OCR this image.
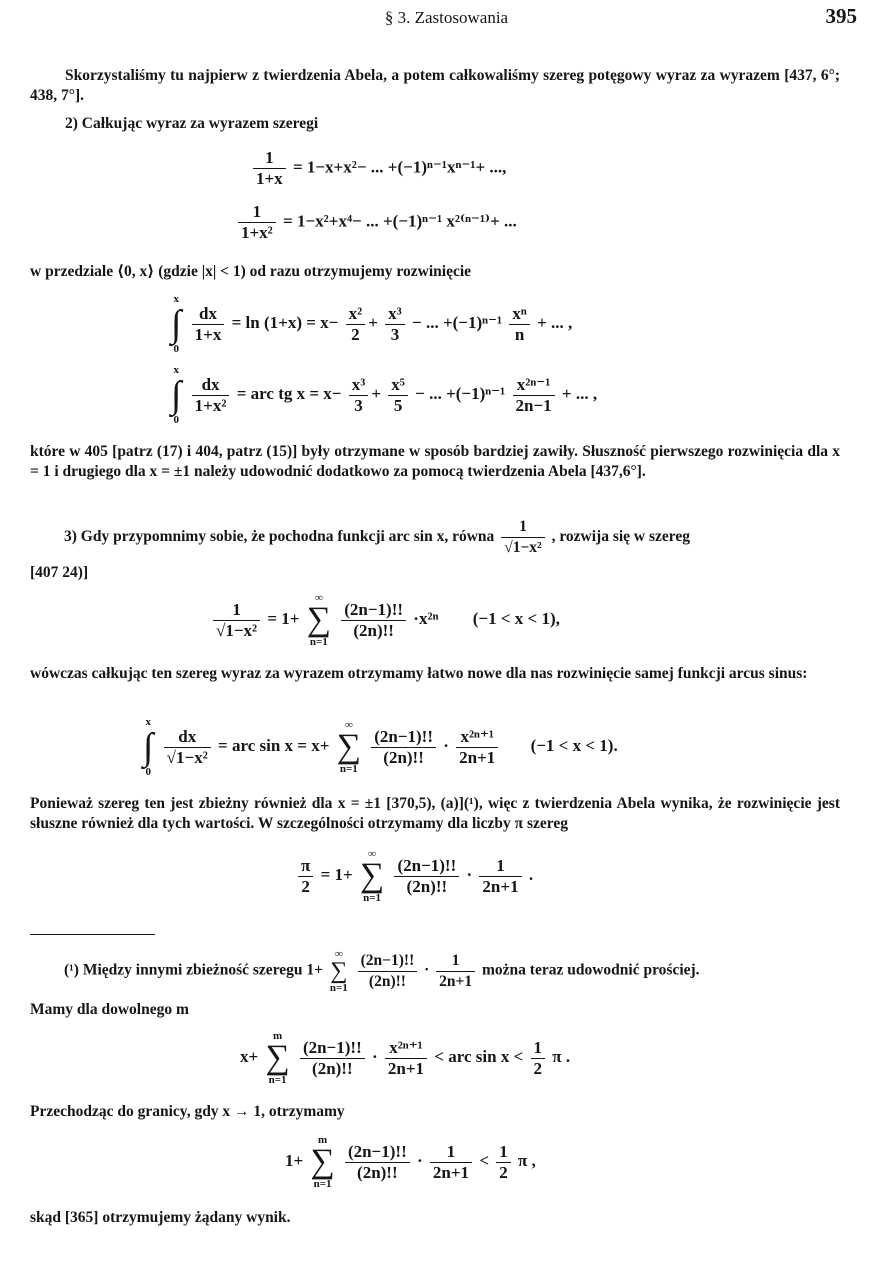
§ 3. Zastosowania	395
Skorzystaliśmy tu najpierw z twierdzenia Abela, a potem całkowaliśmy szereg potęgowy wyraz za wyrazem [437, 6°; 438, 7°].
2) Całkując wyraz za wyrazem szeregi
$\frac{1}{1+x} = 1-x+x^2-$ ... +(−1)ⁿ⁻¹xⁿ⁻¹+ ...,
$\frac{1}{\text{1+x²}} = 1-x^2+x^4-$ ... +(−1)ⁿ⁻¹ x²⁽ⁿ⁻¹⁾+ ...
w przedziale ⟨0, x⟩ (gdzie |x| < 1) od razu otrzymujemy rozwinięcie
x
∫
0

$\frac{dx}{1+x} = \ln (1+x) = x- \frac{\text{x²}}{2} + \frac{\text{x³}}{3}$ − ... $+(-1)^{n-1} \frac{\text{xⁿ}}{n}$ + ... ,
x
∫
0

$\frac{dx}{\text{1+x²}}$ = arc tg $x = x- \frac{\text{x³}}{3} + \frac{\text{x⁵}}{5}$ − ... $+(-1)^{n-1} \frac{\text{x²ⁿ⁻¹}}{2n-1}$ + ... ,
które w 405 [patrz (17) i 404, patrz (15)] były otrzymane w sposób bardziej zawiły. Słuszność pierwszego rozwinięcia dla x = 1 i drugiego dla x = ±1 należy udowodnić dodatkowo za pomocą twierdzenia Abela [437,6°].
3) Gdy przypomnimy sobie, że pochodna funkcji arc sin x, równa $\frac{1}{\text{√1−x²}}$ , rozwija się w szereg
[407 24)]
$\frac{1}{\text{√1−x²}} = 1+$
∞
∑
n=1

$\frac{(2n-1)!!}{(2n)!!} \cdot x^{2n}$ (−1 < x < 1),
wówczas całkując ten szereg wyraz za wyrazem otrzymamy łatwo nowe dla nas rozwinięcie samej funkcji arcus sinus:
x
∫
0

$\frac{dx}{\text{√1−x²}}$ = arc sin x = x+
∞
∑
n=1

$\frac{(2n-1)!!}{(2n)!!} \cdot \frac{\text{x²ⁿ⁺¹}}{2n+1} (-1 < x < 1)$.
Ponieważ szereg ten jest zbieżny również dla x = ±1 [370,5), (a)](¹), więc z twierdzenia Abela wynika, że rozwinięcie jest słuszne również dla tych wartości. W szczególności otrzymamy dla liczby π szereg
$\frac{\pi}{2} = 1+$
∞
∑
n=1

$\frac{(2n-1)!!}{(2n)!!} \cdot \frac{1}{2n+1}$ .
(¹) Między innymi zbieżność szeregu 1+
∞
∑
n=1
$\frac{(2n-1)!!}{(2n)!!} \cdot \frac{1}{2n+1}$ można teraz udowodnić prościej.
Mamy dla dowolnego m
x+
m
∑
n=1

$\frac{(2n-1)!!}{(2n)!!} \cdot \frac{\text{x²ⁿ⁺¹}}{2n+1}$ < arc $\sin x < \frac{1}{2}$ π .
Przechodząc do granicy, gdy x → 1, otrzymamy
1+
m
∑
n=1

$\frac{(2n-1)!!}{(2n)!!} \cdot \frac{1}{2n+1} < \frac{1}{2}$ π ,
skąd [365] otrzymujemy żądany wynik.
